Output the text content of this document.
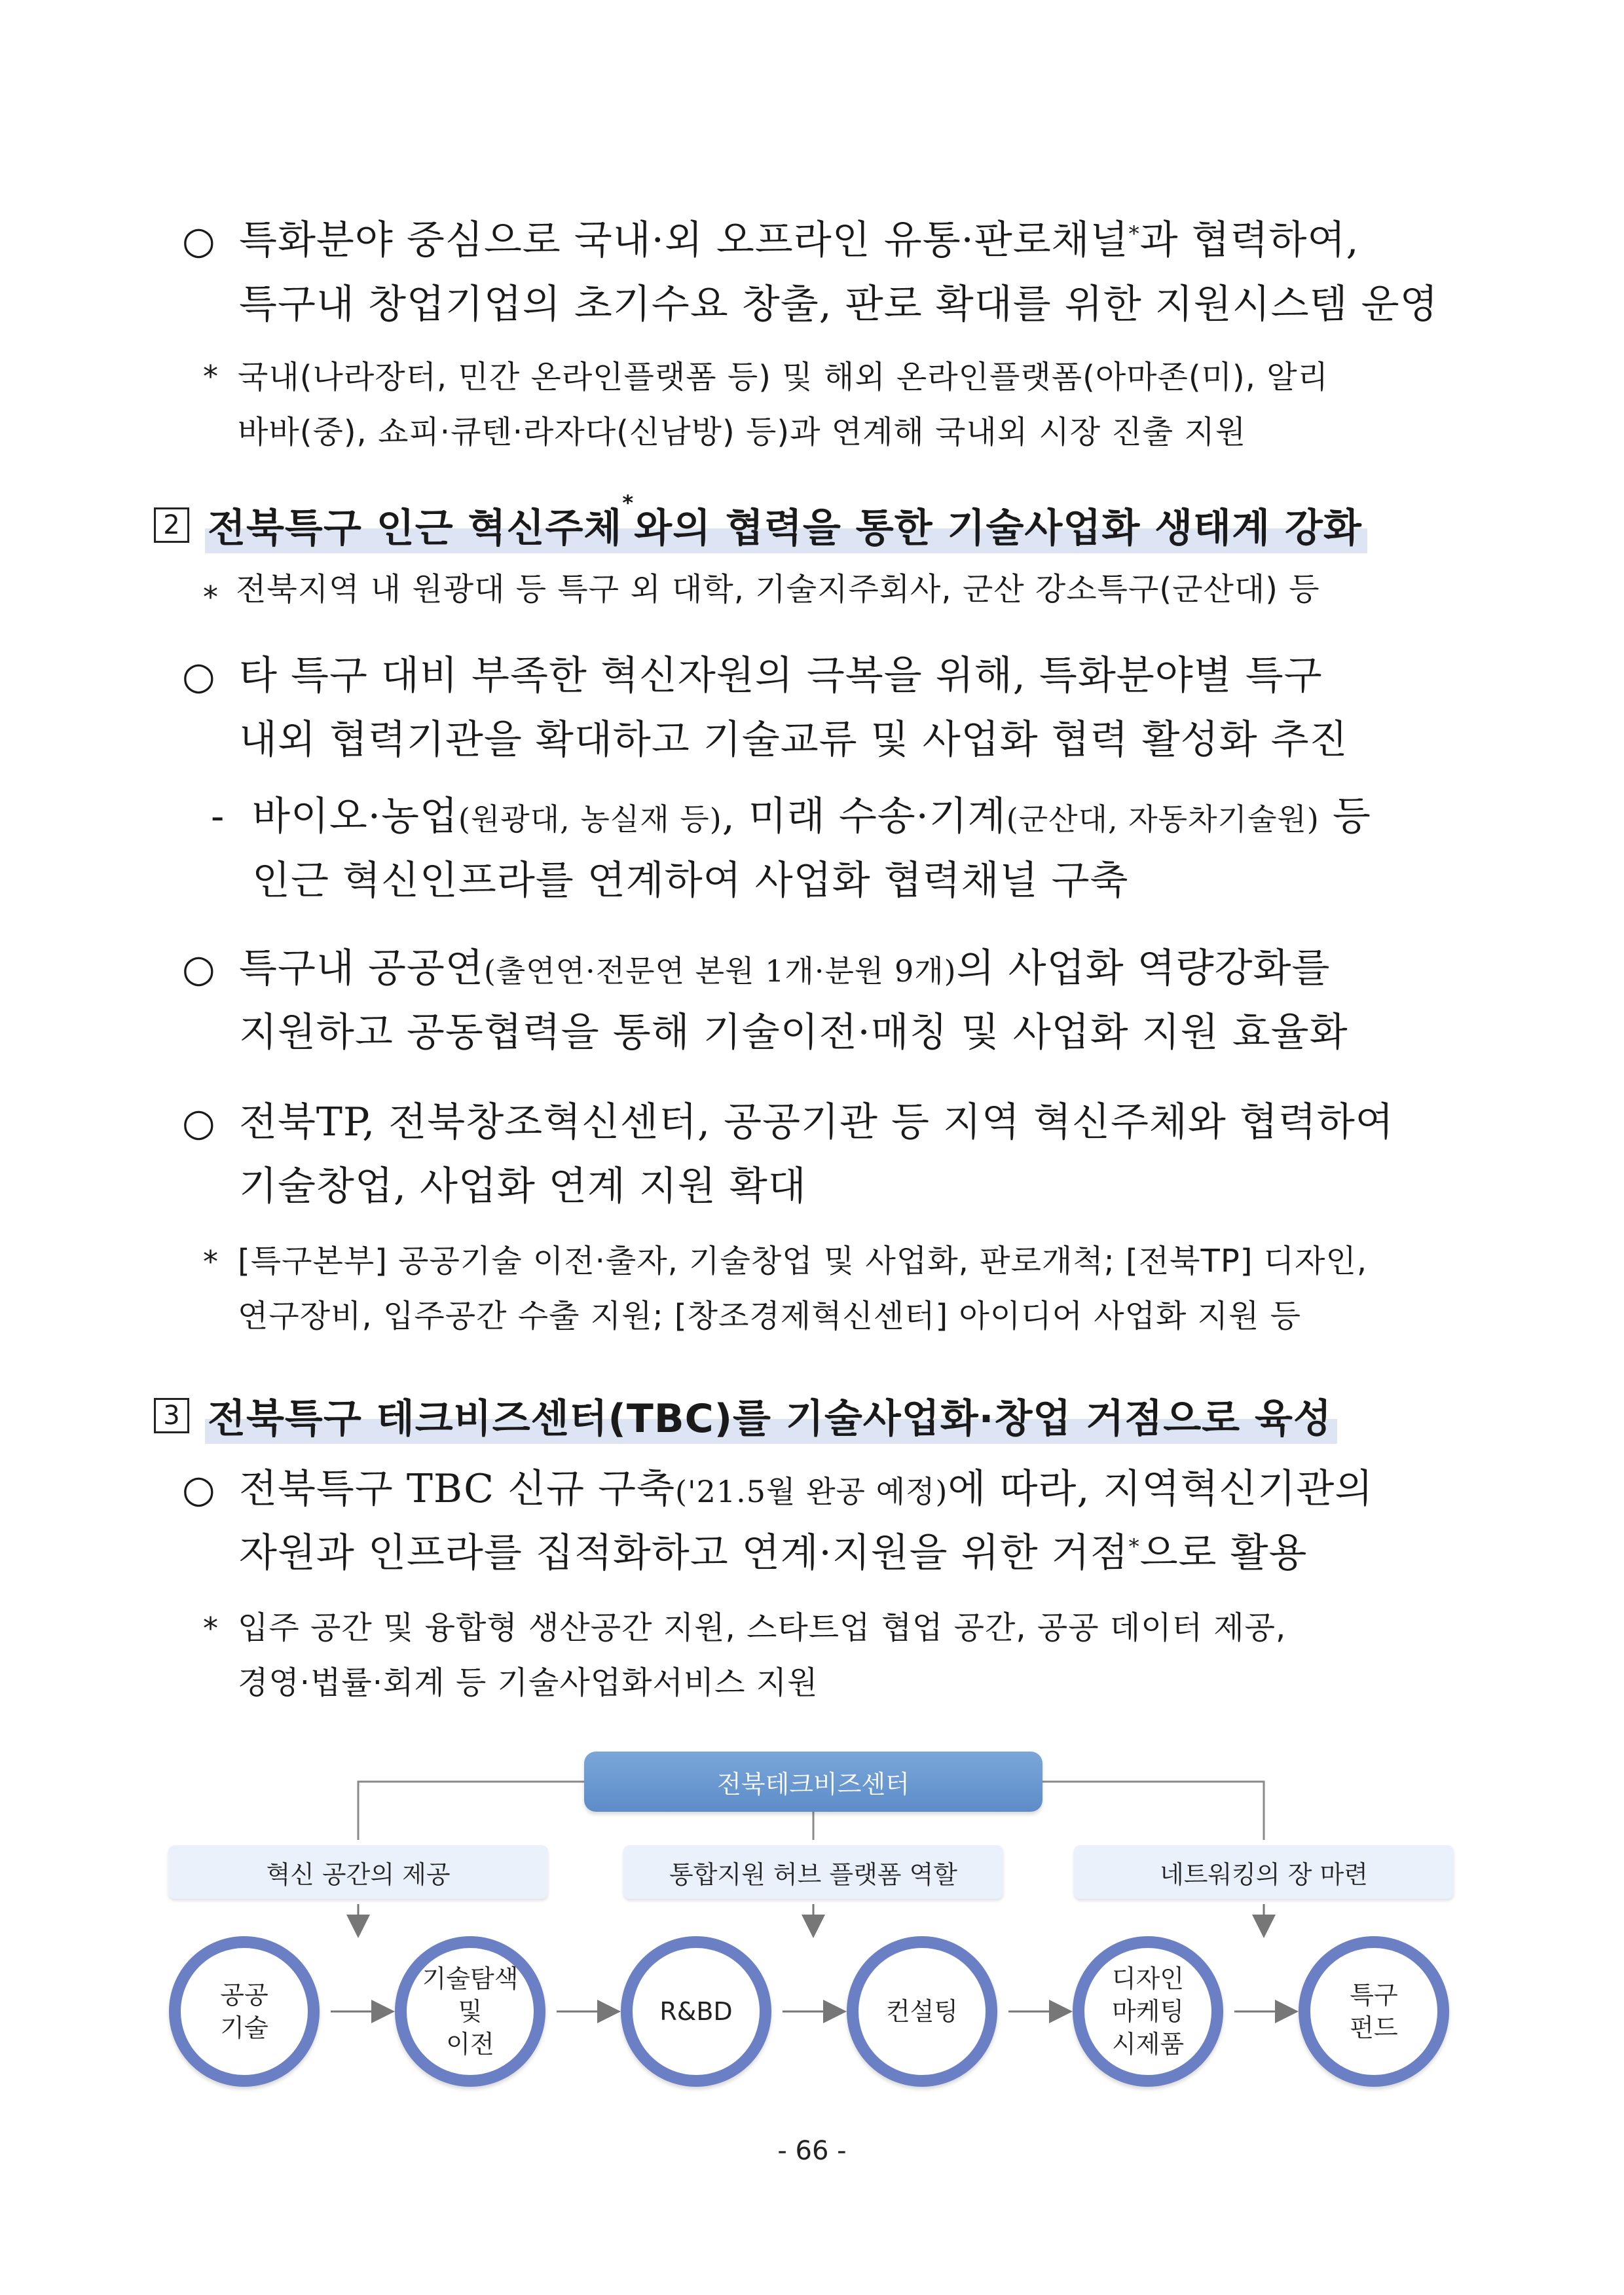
○ 특화분야 중심으로 국내·외 오프라인 유통·판로채널*과 협력하여,
특구내 창업기업의 초기수요 창출, 판로 확대를 위한 지원시스템 운영
* 국내(나라장터, 민간 온라인플랫폼 등) 및 해외 온라인플랫폼(아마존(미), 알리
바바(중), 쇼피·큐텐·라자다(신남방) 등)과 연계해 국내외 시장 진출 지원
2 전북특구 인근 혁신주체*와의 협력을 통한 기술사업화 생태계 강화
* 전북지역 내 원광대 등 특구 외 대학, 기술지주회사, 군산 강소특구(군산대) 등
○ 타 특구 대비 부족한 혁신자원의 극복을 위해, 특화분야별 특구
내외 협력기관을 확대하고 기술교류 및 사업화 협력 활성화 추진
- 바이오·농업(원광대, 농실재 등), 미래 수송·기계(군산대, 자동차기술원) 등
인근 혁신인프라를 연계하여 사업화 협력채널 구축
○ 특구내 공공연(출연연·전문연 본원 1개·분원 9개)의 사업화 역량강화를
지원하고 공동협력을 통해 기술이전·매칭 및 사업화 지원 효율화
○ 전북TP, 전북창조혁신센터, 공공기관 등 지역 혁신주체와 협력하여
기술창업, 사업화 연계 지원 확대
* [특구본부] 공공기술 이전·출자, 기술창업 및 사업화, 판로개척; [전북TP] 디자인,
연구장비, 입주공간 수출 지원; [창조경제혁신센터] 아이디어 사업화 지원 등
3 전북특구 테크비즈센터(TBC)를 기술사업화·창업 거점으로 육성
○ 전북특구 TBC 신규 구축('21.5월 완공 예정)에 따라, 지역혁신기관의
자원과 인프라를 집적화하고 연계·지원을 위한 거점*으로 활용
* 입주 공간 및 융합형 생산공간 지원, 스타트업 협업 공간, 공공 데이터 제공,
경영·법률·회계 등 기술사업화서비스 지원
전북테크비즈센터
혁신 공간의 제공	통합지원 허브 플랫폼 역할	네트워킹의 장 마련
공공
기술
기술탐색
및
이전
R&BD	컨설팅
디자인
마케팅
시제품
특구
펀드
- 66 -
